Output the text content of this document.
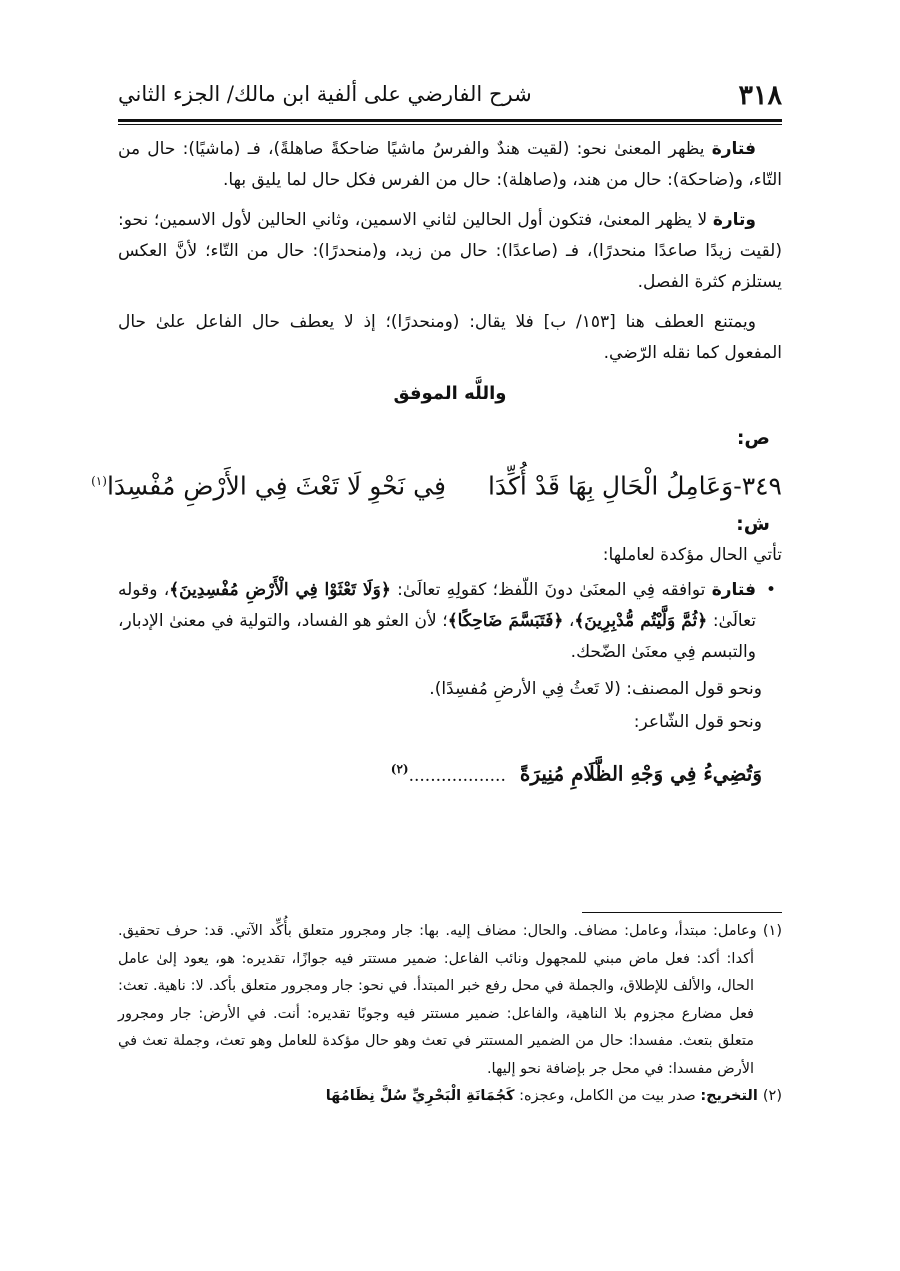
٣١٨
شرح الفارضي على ألفية ابن مالك/ الجزء الثاني

فتارة يظهر المعنىٰ نحو: (لقيت هندٌ والفرسُ ماشيًا ضاحكةً صاهلةً)، فـ (ماشيًا): حال من التّاء، و(ضاحكة): حال من هند، و(صاهلة): حال من الفرس فكل حال لما يليق بها.

وتارة لا يظهر المعنىٰ، فتكون أول الحالين لثاني الاسمين، وثاني الحالين لأول الاسمين؛ نحو: (لقيت زيدًا صاعدًا منحدرًا)، فـ (صاعدًا): حال من زيد، و(منحدرًا): حال من التّاء؛ لأنَّ العكس يستلزم كثرة الفصل.

ويمتنع العطف هنا [١٥٣/ ب] فلا يقال: (ومنحدرًا)؛ إذ لا يعطف حال الفاعل علىٰ حال المفعول كما نقله الرّضي.

واللَّه الموفق
ص:
٣٤٩-وَعَامِلُ الْحَالِ بِهَا قَدْ أُكِّدَافِي نَحْوِ لَا تَعْثَ فِي الأَرْضِ مُفْسِدَا$^{(١)}$
ش:

تأتي الحال مؤكدة لعاملها:

•
فتارة توافقه فِي المعنَىٰ دونَ اللّفظ؛ كقولِهِ تعالَىٰ: ﴿وَلَا تَعْثَوْا فِي الْأَرْضِ مُفْسِدِينَ﴾، وقوله تعالَىٰ: ﴿ثُمَّ وَلَّيْتُم مُّدْبِرِينَ﴾، ﴿فَتَبَسَّمَ ضَاحِكًا﴾؛ لأن العثو هو الفساد، والتولية في معنىٰ الإدبار، والتبسم فِي معنَىٰ الضّحك.

ونحو قول المصنف: (لا تَعثُ فِي الأرضِ مُفسِدًا).

ونحو قول الشّاعر:

وَتُضِيءُ فِي وَجْهِ الظَّلَامِ مُنِيرَةً..................$^{(٢)}$

(١) وعامل: مبتدأ، وعامل: مضاف. والحال: مضاف إليه. بها: جار ومجرور متعلق بأُكِّد الآتي. قد: حرف تحقيق. أكدا: أكد: فعل ماض مبني للمجهول ونائب الفاعل: ضمير مستتر فيه جوازًا، تقديره: هو، يعود إلىٰ عامل الحال، والألف للإطلاق، والجملة في محل رفع خبر المبتدأ. في نحو: جار ومجرور متعلق بأكد. لا: ناهية. تعث: فعل مضارع مجزوم بلا الناهية، والفاعل: ضمير مستتر فيه وجوبًا تقديره: أنت. في الأرض: جار ومجرور متعلق بتعث. مفسدا: حال من الضمير المستتر في تعث وهو حال مؤكدة للعامل وهو تعث، وجملة تعث في الأرض مفسدا: في محل جر بإضافة نحو إليها.

(٢) التخريج: صدر بيت من الكامل، وعجزه: كَجُمَانَةِ الْبَحْرِيِّ سُلَّ نِظَامُهَا
